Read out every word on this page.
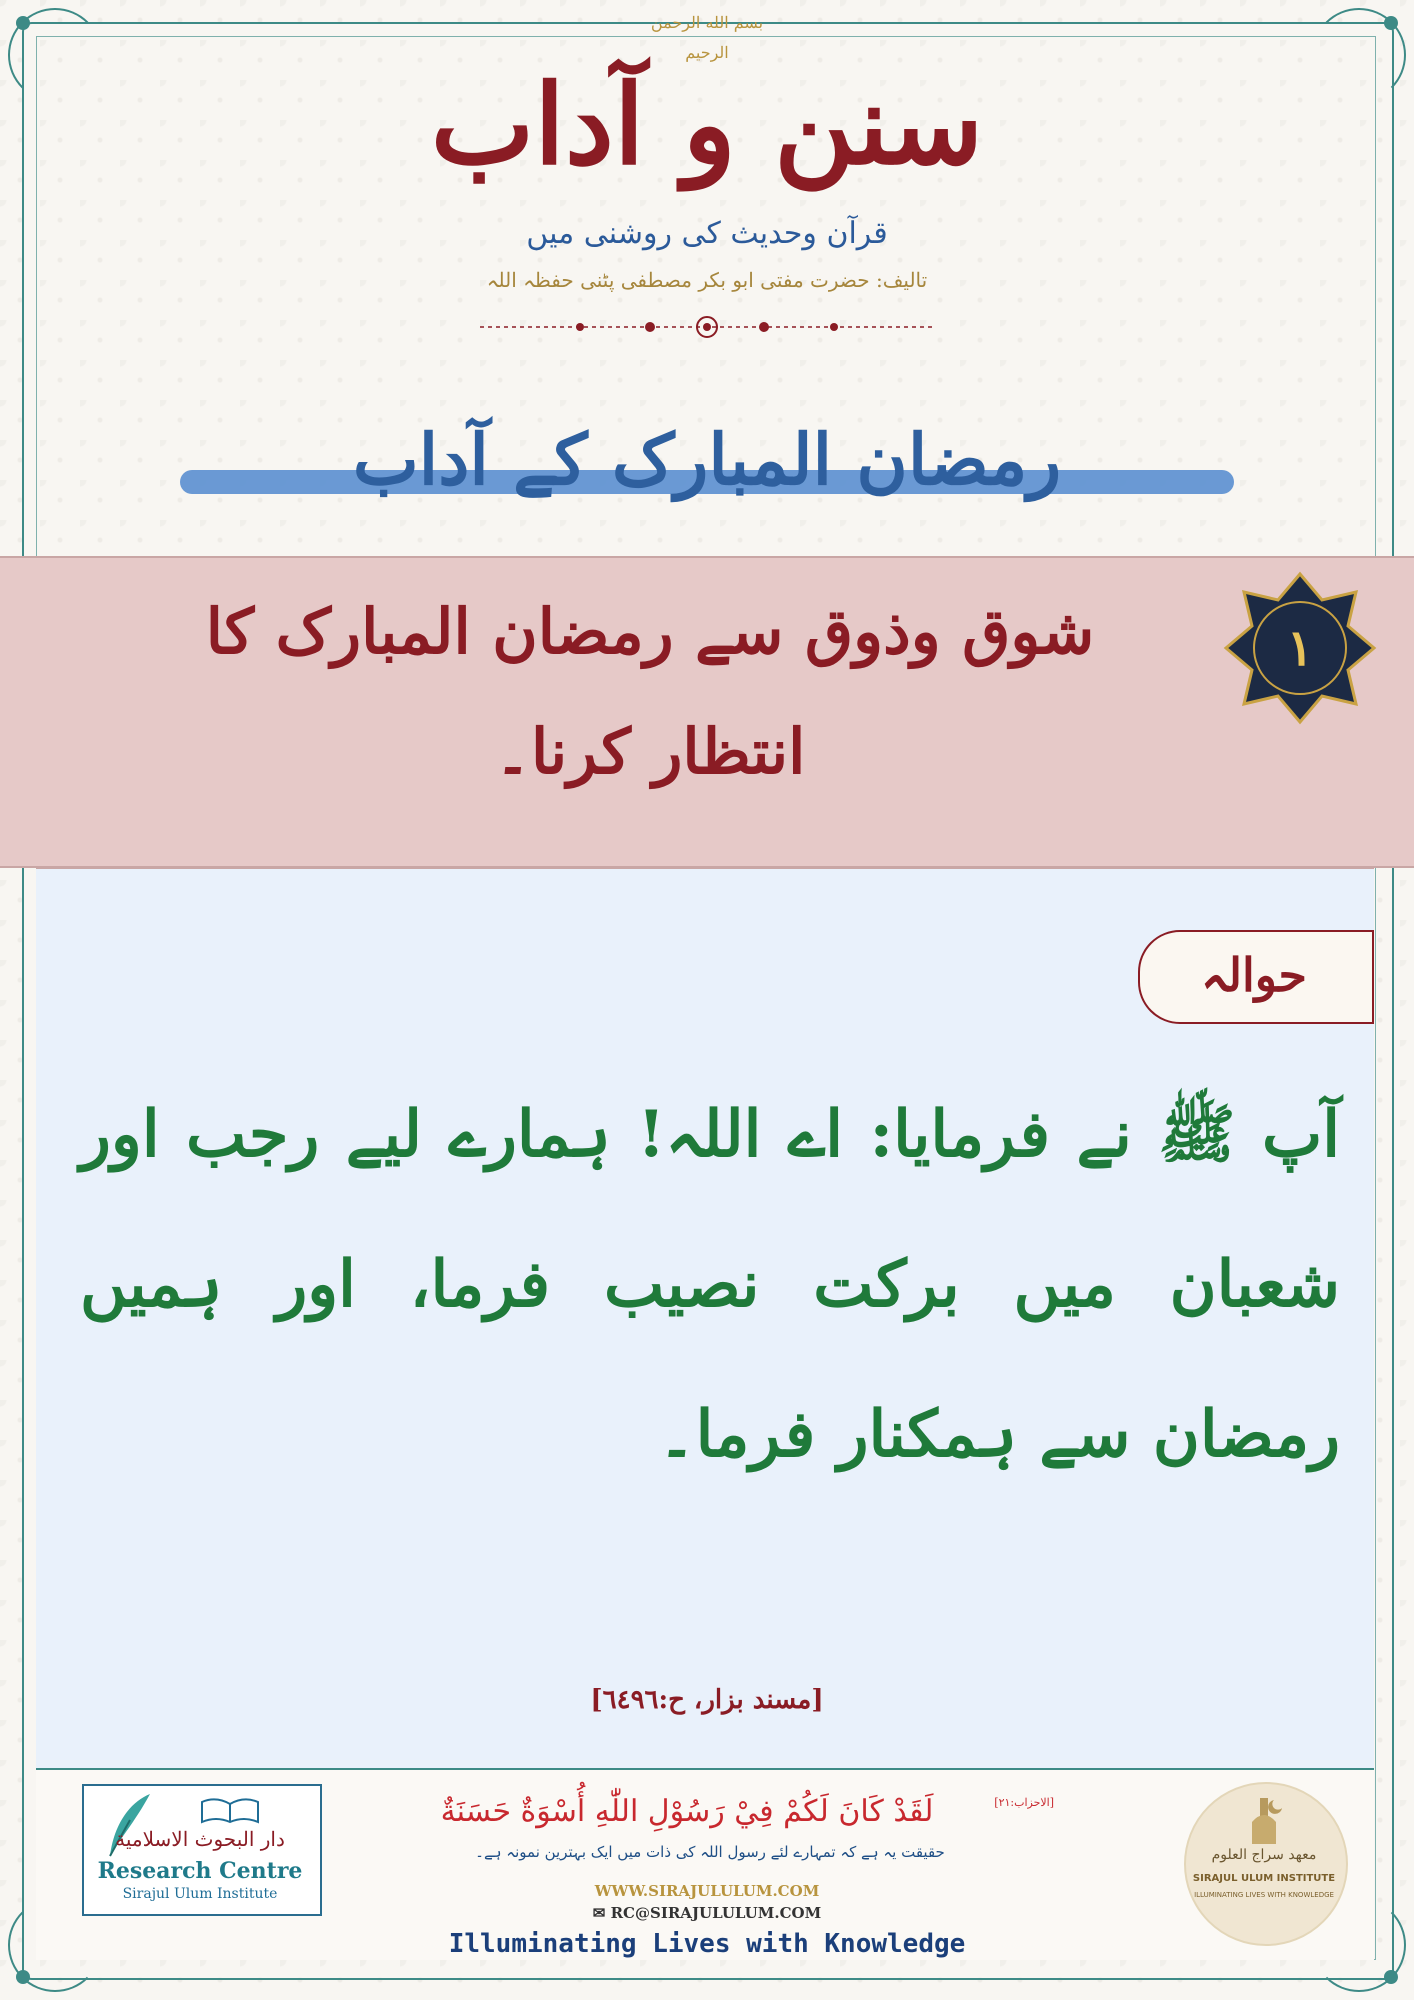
بسم الله الرحمن الرحيم
سنن و آداب
قرآن وحدیث کی روشنی میں
تالیف: حضرت مفتی ابو بکر مصطفی پٹنی حفظہ اللہ
رمضان المبارک کے آداب
شوق وذوق سے رمضان المبارک کا انتظار کرنا۔
۱
حوالہ
آپ ﷺ نے فرمایا: اے اللہ! ہمارے لیے رجب اور شعبان میں برکت نصیب فرما، اور ہمیں رمضان سے ہمکنار فرما۔
[مسند بزار، ح:٦٤٩٦]
دار البحوث الاسلامية
Research Centre
Sirajul Ulum Institute
لَقَدْ كَانَ لَكُمْ فِيْ رَسُوْلِ اللّٰهِ أُسْوَةٌ حَسَنَةٌ	[الاحزاب:٢١]
حقیقت یہ ہے کہ تمہارے لئے رسول اللہ کی ذات میں ایک بہترین نمونہ ہے۔
WWW.SIRAJULULUM.COM
✉ RC@SIRAJULULUM.COM
Illuminating Lives with Knowledge
معهد سراج العلوم
SIRAJUL ULUM INSTITUTE
ILLUMINATING LIVES WITH KNOWLEDGE
